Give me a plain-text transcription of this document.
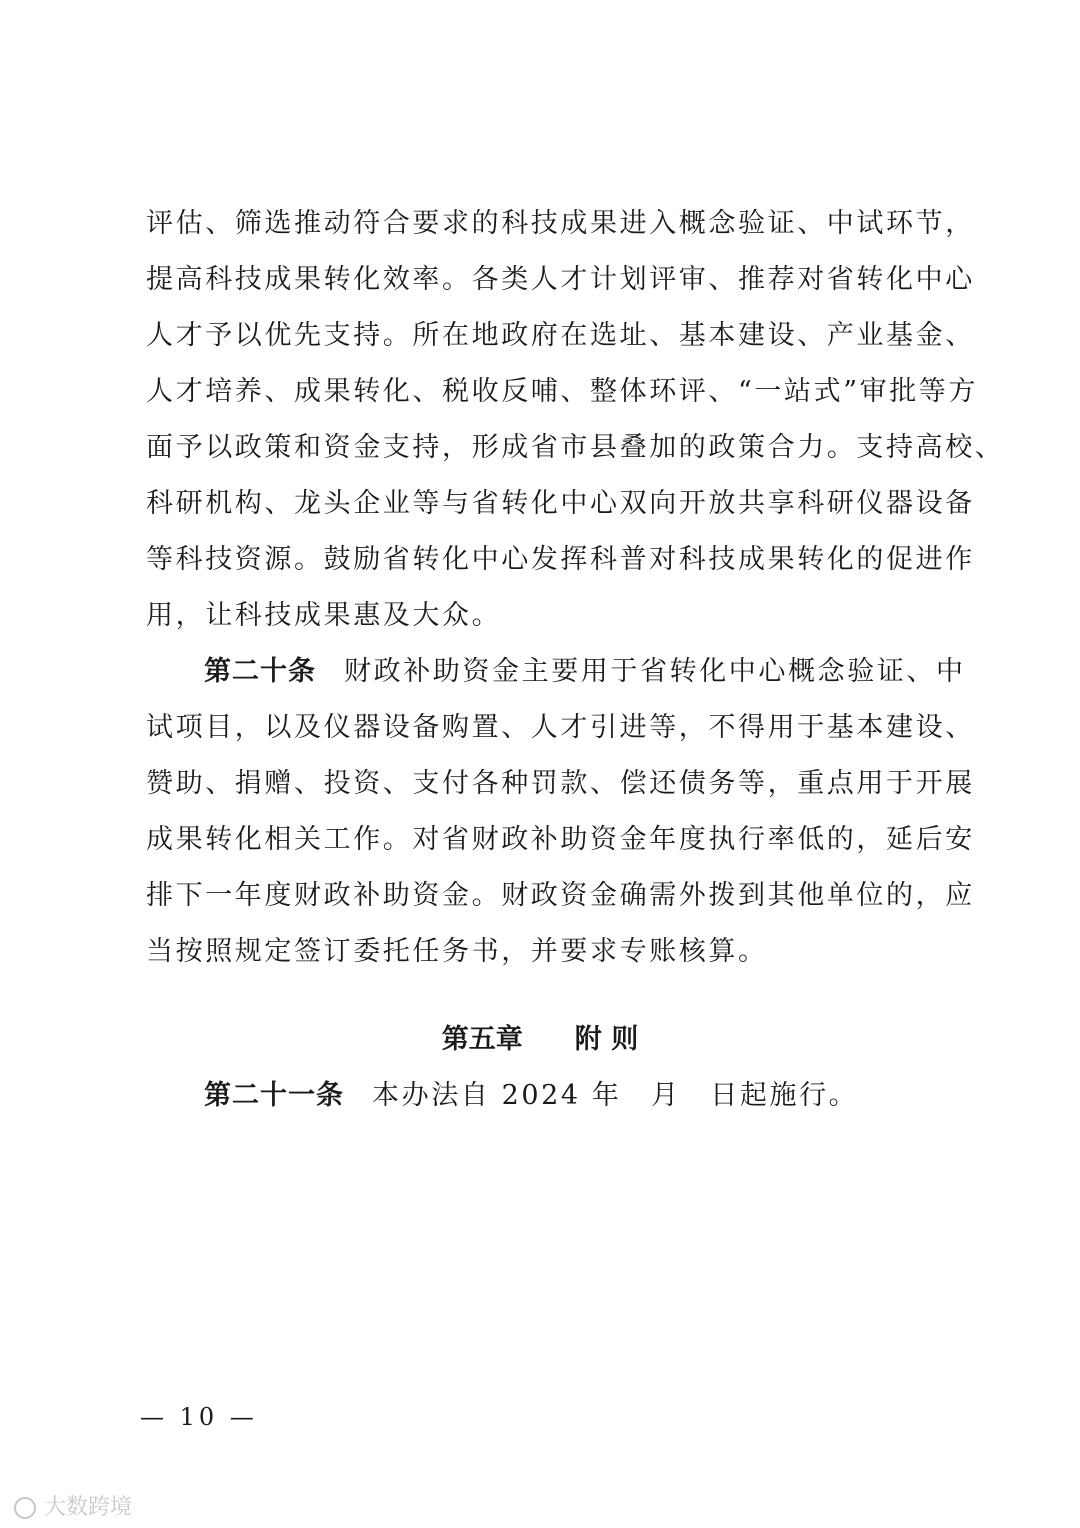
评估、筛选推动符合要求的科技成果进入概念验证、中试环节，
提高科技成果转化效率。各类人才计划评审、推荐对省转化中心
人才予以优先支持。所在地政府在选址、基本建设、产业基金、
人才培养、成果转化、税收反哺、整体环评、“一站式”审批等方
面予以政策和资金支持，形成省市县叠加的政策合力。支持高校、
科研机构、龙头企业等与省转化中心双向开放共享科研仪器设备
等科技资源。鼓励省转化中心发挥科普对科技成果转化的促进作
用，让科技成果惠及大众。
第二十条 财政补助资金主要用于省转化中心概念验证、中
试项目，以及仪器设备购置、人才引进等，不得用于基本建设、
赞助、捐赠、投资、支付各种罚款、偿还债务等，重点用于开展
成果转化相关工作。对省财政补助资金年度执行率低的，延后安
排下一年度财政补助资金。财政资金确需外拨到其他单位的，应
当按照规定签订委托任务书，并要求专账核算。
第五章 附 则
第二十一条 本办法自 2024 年　月　日起施行。
— 10 —
大数跨境
